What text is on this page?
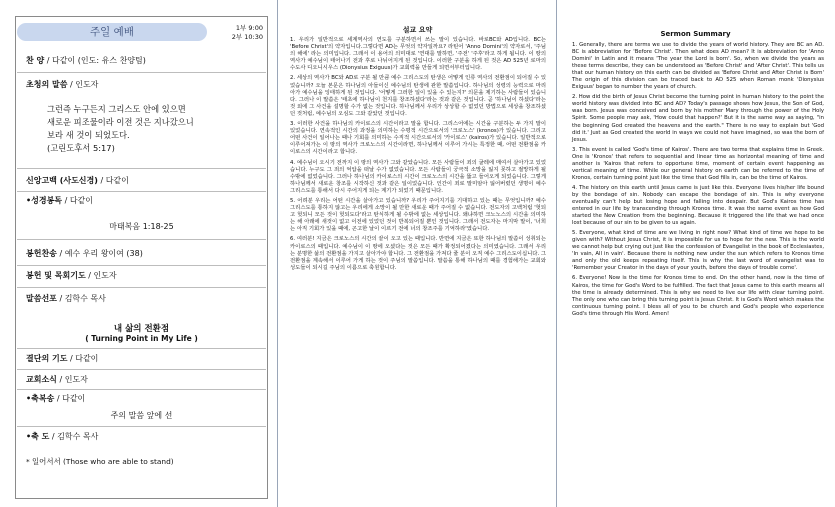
주일 예배	1부 9:00
2부 10:30
찬 양 / 다같이 (인도: 유스 찬양팀)
초청의 말씀 / 인도자
그런즉 누구든지 그리스도 안에 있으면
새로운 피조물이라 이전 것은 지나갔으니
보라 새 것이 되었도다.
(고린도후서 5:17)
신앙고백 (사도신경) / 다같이
•성경봉독 / 다같이
마태복음 1:18-25
봉헌찬송 / 예수 우리 왕이여 (38)
봉헌 및 목회기도 / 인도자
말씀선포 / 김학수 목사
내 삶의 전환점
( Turning Point in My Life )
결단의 기도 / 다같이
교회소식 / 인도자
•축복송 / 다같이
주의 말씀 앞에 선
•축 도 / 김학수 목사
* 일어서서 (Those who are able to stand)
설교 요약
1. 우리가 일반적으로 세계역사의 연도를 구분하면서 쓰는 말이 있습니다. 바로BC와 AD입니다. BC는 'Before Christ'의 약자입니다.그렇다면 AD는 무엇의 약자일까요? 라틴어 'Anno Domini'의 약자로서, '주님의 해에' 라는 의미입니다. 그래서 이 용어의 의미대로 '연대를 말하면, '주전' '주후'라고 하게 됩니다. 이 땅의 역사가 예수님이 태어나기 전과 후로 나뉘어지게 된 것입니다. 이러한 구분을 하게 된 것은 AD 525년 로마의 수도사 디오니시우스 (Dionysius Exiguus)가 교회력을 만들게 되면서부터입니다.
2. 세상의 역사가 BC와 AD로 구분 될 만큼 예수 그리스도의 탄생은 어떻게 인류 역사의 전환점이 되어질 수 있었습니까? 오늘 본문은 하나님의 아들이신 예수님의 탄생에 관한 말씀입니다. 하나님의 성령의 능력으로 마리아가 예수님을 잉태하게 된 것입니다. '어떻게 그러한 일이 있을 수 있는지?' 의문을 제기하는 사람들이 있습니다. 그러나 이 말씀은 '태초에 하나님이 천지를 창조하셨다'라는 것과 같은 것입니다. 곧 '하나님이 하셨다'라는 것 외에 그 사건을 설명할 수가 없는 것입니다. 하나님께서 우리가 상상할 수 없었던 방법으로 세상을 창조하셨던 것처럼, 예수님의 오심도 그와 같았던 것입니다.
3. 이러한 사건을 하나님의 카이로스의 시간이라고 말을 합니다. 그리스어에는 시간을 구분하는 두 가지 말이 있었습니다. 연속적인 시간의 과정을 의미하는 수평적 시간으로서의 '크로노스' (kronos)가 있습니다. 그리고 어떤 사건이 일어나는 때나 기회를 의미하는 수직적 시간으로서의 '카이로스' (kairos)가 있습니다. 일반적으로 이루어져가는 이 땅의 역사가 크로노스의 시간이라면, 하나님께서 이루어 가시는 특정한 때, 어떤 전환점을 카이로스의 시간이라고 합니다.
4. 예수님이 오시기 전까지 이 땅의 역사가 그와 같았습니다. 모든 사람들이 죄의 굴레에 매여서 살아가고 있었습니다. 누구도 그 죄의 억압을 떠날 수가 없었습니다. 모든 사람들이 궁극적 소망을 잃지 못하고 절망하게 될 수밖에 없었습니다. 그러나 하나님의 카이로스의 시간이 크로노스의 시간을 뚫고 들어오게 되었습니다. 그렇게 하나님께서 새로운 창조를 시작하신 것과 같은 일이었습니다. 인간이 죄로 말미암아 잃어버렸던 생명이 예수 그리스도를 통해서 다시 주어지게 되는 계기가 되었기 때문입니다.
5. 어려분 우리는 어떤 시간을 살아가고 있습니까? 우리가 주어지기를 기대하고 있는 때는 무엇입니까? 예수 그리스도를 통하지 않고는 우리에게 소망이 될 만한 새로운 때가 주어질 수 없습니다. 전도자의 고백처럼 '헛되고 헛되니 모든 것이 헛되도다'라고 탄식하게 될 수밖에 없는 세상입니다. 왜냐하면 크노노스의 시간을 의미하는 해 아래에 새것이 없고 이전에 있었던 것이 반복되어질 뿐인 것입니다. 그래서 전도자는 마지막 말이, '너희는 아직 기회가 있을 때에, 곤고한 날이 이르기 전에 너의 창조주를 기억하라'였습니다.
6. 여러분! 지금은 크로노스의 시간의 끝이 오고 있는 때입니다. 반면에 지금은 또한 하나님의 말씀이 성취되는 카이로스의 때입니다. 예수님이 이 땅에 오셨다는 것은 모든 때가 확정되어졌다는 의미였습니다. 그래서 우리는 분명한 삶의 전환점을 가지고 살아가야 합니다. 그 전환점을 가져다 줄 분이 오직 예수 그리스도이십니다. 그 전환점을 계속해서 이루어 가게 하는 것이 주님의 말씀입니다. 말씀을 통해 하나님의 때를 경험해가는 교회와 성도들이 되시길 주님의 이름으로 축원합니다.
Sermon Summary
1. Generally, there are terms we use to divide the years of world history. They are BC an AD. BC is abbreviation for 'Before Christ'. Then what does AD mean? It is abbreviation for 'Anno Domini' in Latin and it means 'The year the Lord is born'. So, when we divide the years as these terms describe, they can be understood as 'Before Christ' and 'After Christ'. This tells us that our human history on this earth can be divided as 'Before Christ and After Christ is Born' The origin of this division can be traced back to AD 525 when Roman monk 'Dionysius Exiguus' began to number the years of church.
2. How did the birth of Jesus Christ become the turning point in human history to the point the world history was divided into BC and AD? Today's passage shows how Jesus, the Son of God, was born. Jesus was conceived and born by his mother Mary through the power of the Holy Spirit. Some people may ask, 'How could that happen?' But it is the same way as saying, "in the beginning God created the heavens and the earth." There is no way to explain but 'God did it.' Just as God created the world in ways we could not have imagined, so was the born of Jesus.
3. This event is called 'God's time of Kairos'. There are two terms that explains time in Greek. One is 'Kronos' that refers to sequential and linear time as horizontal meaning of time and another is 'Kairos that refers to opportune time, moment of certain event happening as vertical meaning of time. While our general history on earth can be referred to the time of Kronos, certain turning point just like the time that God fills in, can be the time of Kairos.
4. The history on this earth until Jesus came is just like this. Everyone lives his/her life bound by the bondage of sin. Nobody can escape the bondage of sin. This is why everyone eventually can't help but losing hope and falling into despair. But God's Kairos time has entered in our life by transcending through Kronos time. It was the same event as how God started the New Creation from the beginning. Because it triggered the life that we had once lost because of our sin to be given to us again.
5. Everyone, what kind of time are we living in right now? What kind of time we hope to be given with? Without Jesus Christ, it is impossible for us to hope for the new. This is the world we cannot help but crying out just like the confession of Evangelist in the book of Ecclesiastes, 'In vain, All in vain'. Because there is nothing new under the sun which refers to Kronos time and only the old keeps repeating itself. This is why the last word of evangelist was to 'Remember your Creator in the days of your youth, before the days of trouble come'.
6. Everyone! Now is the time for Kronos time to end. On the other hand, now is the time of Kairos, the time for God's Word to be fulfilled. The fact that Jesus came to this earth means all the time is already determined. This is why we need to live our life with clear turning point. The only one who can bring this turning point is Jesus Christ. It is God's Word which makes the continuous turning point. I bless all of you to be church and God's people who experience God's time through His Word. Amen!
